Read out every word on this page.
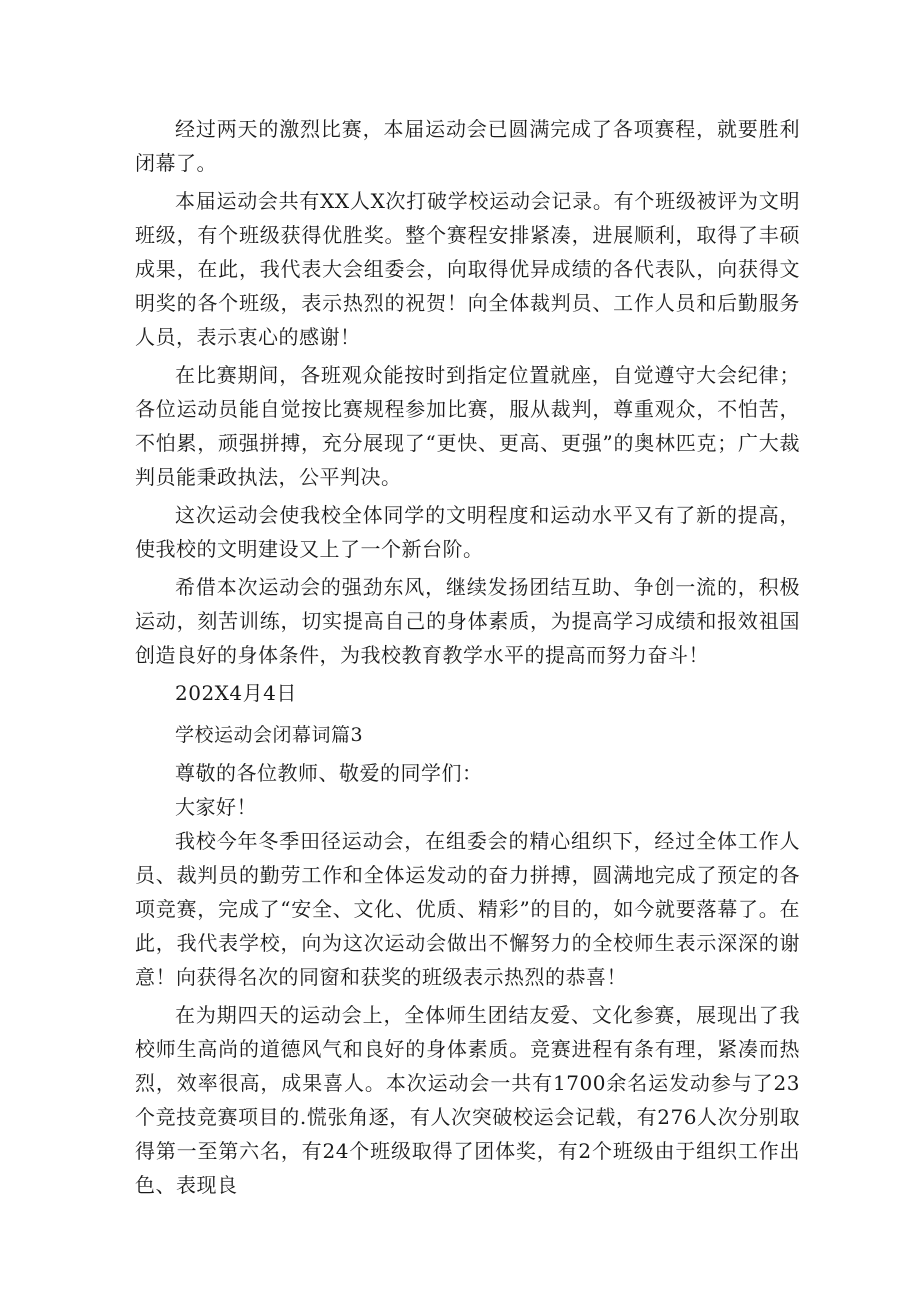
经过两天的激烈比赛，本届运动会已圆满完成了各项赛程，就要胜利闭幕了。

本届运动会共有XX人X次打破学校运动会记录。有个班级被评为文明班级，有个班级获得优胜奖。整个赛程安排紧凑，进展顺利，取得了丰硕成果，在此，我代表大会组委会，向取得优异成绩的各代表队，向获得文明奖的各个班级，表示热烈的祝贺！向全体裁判员、工作人员和后勤服务人员，表示衷心的感谢！

在比赛期间，各班观众能按时到指定位置就座，自觉遵守大会纪律；各位运动员能自觉按比赛规程参加比赛，服从裁判，尊重观众，不怕苦，不怕累，顽强拼搏，充分展现了“更快、更高、更强”的奥林匹克；广大裁判员能秉政执法，公平判决。

这次运动会使我校全体同学的文明程度和运动水平又有了新的提高，使我校的文明建设又上了一个新台阶。

希借本次运动会的强劲东风，继续发扬团结互助、争创一流的，积极运动，刻苦训练，切实提高自己的身体素质，为提高学习成绩和报效祖国创造良好的身体条件，为我校教育教学水平的提高而努力奋斗！

202X4月4日

学校运动会闭幕词篇3

尊敬的各位教师、敬爱的同学们：

大家好！

我校今年冬季田径运动会，在组委会的精心组织下，经过全体工作人员、裁判员的勤劳工作和全体运发动的奋力拼搏，圆满地完成了预定的各项竞赛，完成了“安全、文化、优质、精彩”的目的，如今就要落幕了。在此，我代表学校，向为这次运动会做出不懈努力的全校师生表示深深的谢意！向获得名次的同窗和获奖的班级表示热烈的恭喜！

在为期四天的运动会上，全体师生团结友爱、文化参赛，展现出了我校师生高尚的道德风气和良好的身体素质。竞赛进程有条有理，紧凑而热烈，效率很高，成果喜人。本次运动会一共有1700余名运发动参与了23个竞技竞赛项目的.慌张角逐，有人次突破校运会记载，有276人次分别取得第一至第六名，有24个班级取得了团体奖，有2个班级由于组织工作出色、表现良
